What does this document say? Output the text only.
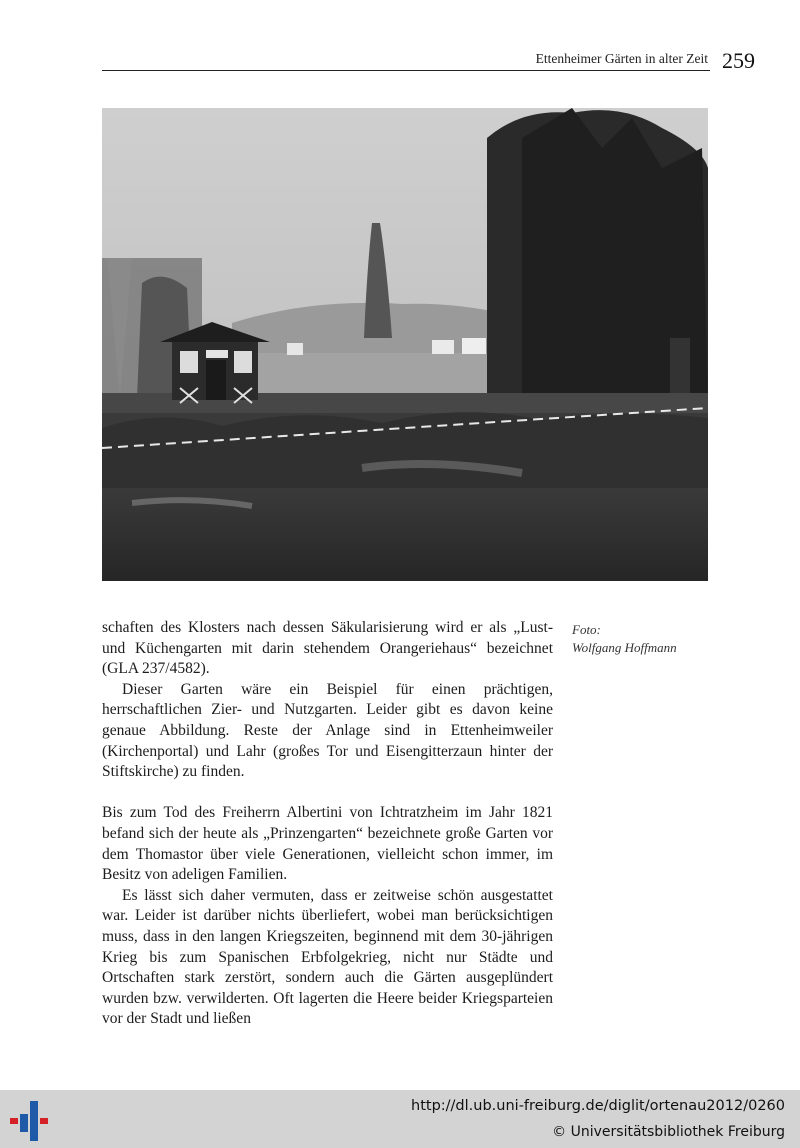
Ettenheimer Gärten in alter Zeit 259
Foto:
Wolfgang Hoffmann

schaften des Klosters nach dessen Säkularisierung wird er als „Lust- und Küchengarten mit darin stehendem Orangeriehaus“ bezeichnet (GLA 237/4582).

Dieser Garten wäre ein Beispiel für einen prächtigen, herrschaftlichen Zier- und Nutzgarten. Leider gibt es davon keine genaue Abbildung. Reste der Anlage sind in Ettenheimweiler (Kirchenportal) und Lahr (großes Tor und Eisengitterzaun hinter der Stiftskirche) zu finden.

Bis zum Tod des Freiherrn Albertini von Ichtratzheim im Jahr 1821 befand sich der heute als „Prinzengarten“ bezeichnete große Garten vor dem Thomastor über viele Generationen, vielleicht schon immer, im Besitz von adeligen Familien.

Es lässt sich daher vermuten, dass er zeitweise schön ausgestattet war. Leider ist darüber nichts überliefert, wobei man berücksichtigen muss, dass in den langen Kriegszeiten, beginnend mit dem 30-jährigen Krieg bis zum Spanischen Erbfolgekrieg, nicht nur Städte und Ortschaften stark zerstört, sondern auch die Gärten ausgeplündert wurden bzw. verwilderten. Oft lagerten die Heere beider Kriegsparteien vor der Stadt und ließen

http://dl.ub.uni-freiburg.de/diglit/ortenau2012/0260
© Universitätsbibliothek Freiburg
